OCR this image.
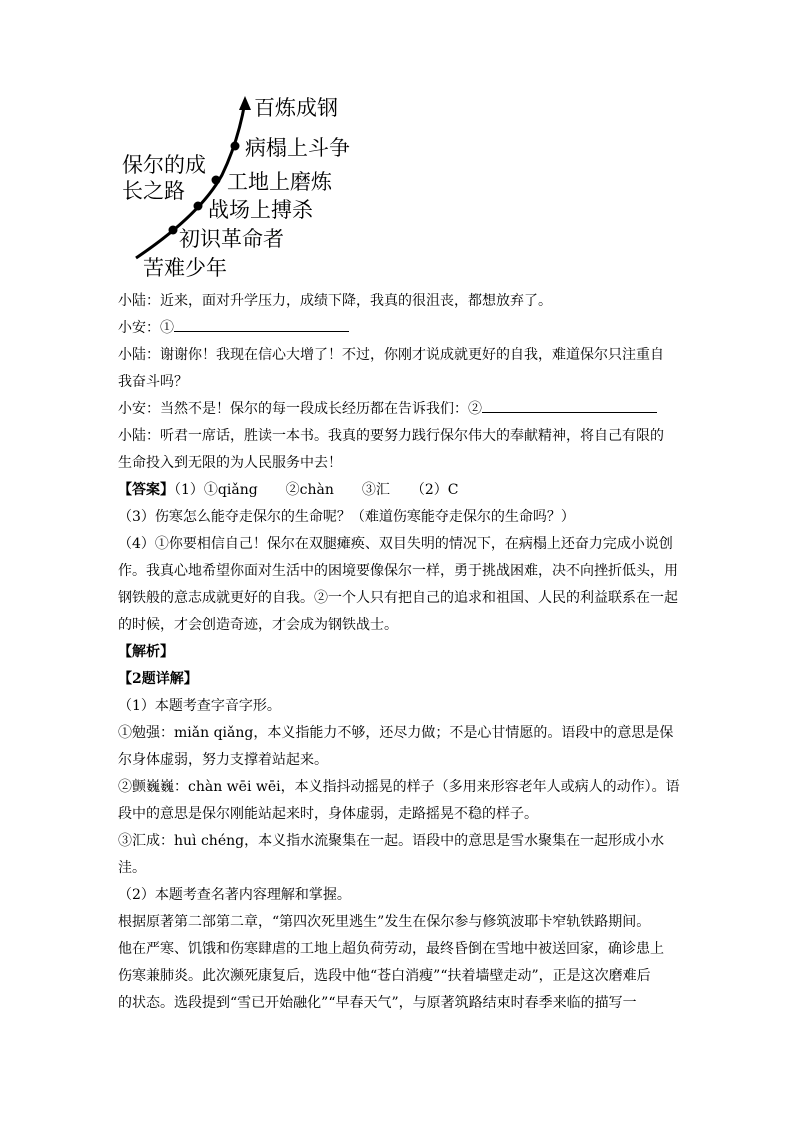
保尔的成
长之路
苦难少年
初识革命者
战场上搏杀
工地上磨炼
病榻上斗争
百炼成钢
小陆：近来，面对升学压力，成绩下降，我真的很沮丧，都想放弃了。
小安：①
小陆：谢谢你！我现在信心大增了！不过，你刚才说成就更好的自我，难道保尔只注重自
我奋斗吗？
小安：当然不是！保尔的每一段成长经历都在告诉我们：②
小陆：听君一席话，胜读一本书。我真的要努力践行保尔伟大的奉献精神，将自己有限的
生命投入到无限的为人民服务中去！
【答案】（1）①qiǎng　　②chàn　　③汇　　（2）C
（3）伤寒怎么能夺走保尔的生命呢？（难道伤寒能夺走保尔的生命吗？）
（4）①你要相信自己！保尔在双腿瘫痪、双目失明的情况下，在病榻上还奋力完成小说创
作。我真心地希望你面对生活中的困境要像保尔一样，勇于挑战困难，决不向挫折低头，用
钢铁般的意志成就更好的自我。②一个人只有把自己的追求和祖国、人民的利益联系在一起
的时候，才会创造奇迹，才会成为钢铁战士。
【解析】
【2题详解】
（1）本题考查字音字形。
①勉强：miǎn qiǎng，本义指能力不够，还尽力做；不是心甘情愿的。语段中的意思是保
尔身体虚弱，努力支撑着站起来。
②颤巍巍：chàn wēi wēi，本义指抖动摇晃的样子（多用来形容老年人或病人的动作）。语
段中的意思是保尔刚能站起来时，身体虚弱，走路摇晃不稳的样子。
③汇成：huì chéng，本义指水流聚集在一起。语段中的意思是雪水聚集在一起形成小水
洼。
（2）本题考查名著内容理解和掌握。
根据原著第二部第二章，“第四次死里逃生”发生在保尔参与修筑波耶卡窄轨铁路期间。
他在严寒、饥饿和伤寒肆虐的工地上超负荷劳动，最终昏倒在雪地中被送回家，确诊患上
伤寒兼肺炎。此次濒死康复后，选段中他“苍白消瘦”“扶着墙壁走动”，正是这次磨难后
的状态。选段提到“雪已开始融化”“早春天气”，与原著筑路结束时春季来临的描写一
